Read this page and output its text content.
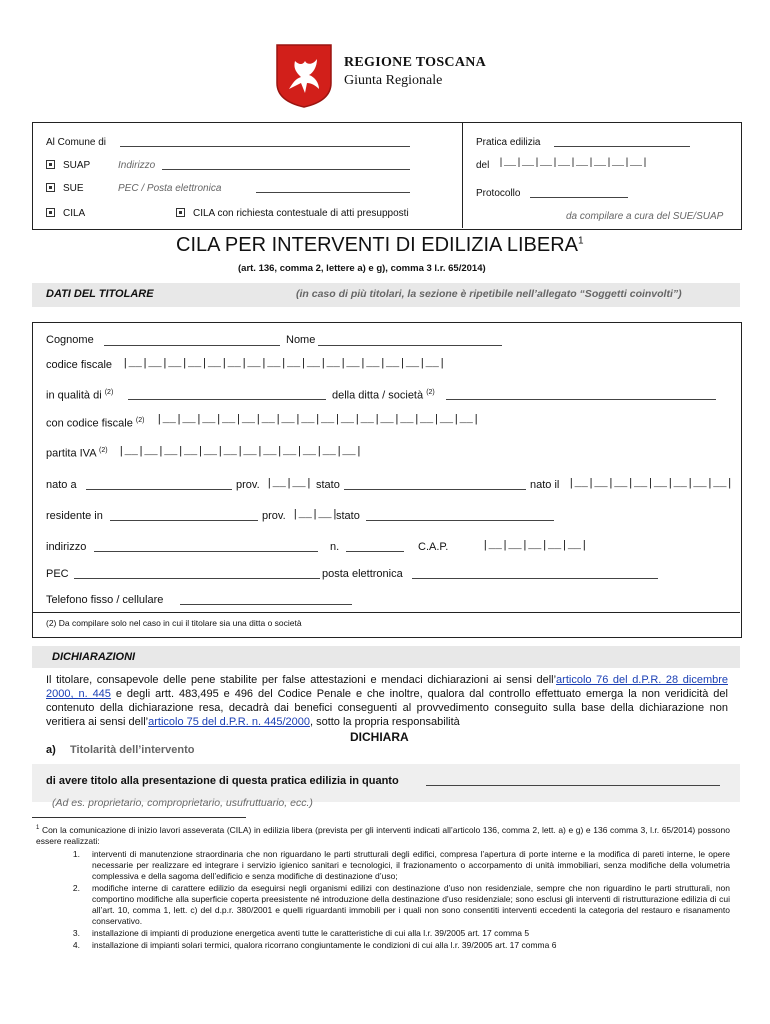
REGIONE TOSCANA
Giunta Regionale
Al Comune di
SUAP	Indirizzo
SUE	PEC / Posta elettronica
CILA	CILA con richiesta contestuale di atti presupposti
Pratica edilizia
del |__|__|__|__|__|__|__|__|
Protocollo
da compilare a cura del SUE/SUAP
CILA PER INTERVENTI DI EDILIZIA LIBERA$^1$
(art. 136, comma 2, lettere a) e g), comma 3 l.r. 65/2014)
DATI DEL TITOLARE	(in caso di più titolari, la sezione è ripetibile nell’allegato “Soggetti coinvolti”)
Cognome	Nome
codice fiscale |__|__|__|__|__|__|__|__|__|__|__|__|__|__|__|__|
in qualità di $^{(2)}$	della ditta / società $^{(2)}$
con codice fiscale $^{(2)}$ |__|__|__|__|__|__|__|__|__|__|__|__|__|__|__|__|
partita IVA $^{(2)}$ |__|__|__|__|__|__|__|__|__|__|__|__|
nato a	prov. |__|__| stato	nato il |__|__|__|__|__|__|__|__|
residente in	prov. |__|__|
stato
indirizzo	n.	C.A.P.	|__|__|__|__|__|
PEC	posta elettronica
Telefono fisso / cellulare
(2) Da compilare solo nel caso in cui il titolare sia una ditta o società
DICHIARAZIONI
Il titolare, consapevole delle pene stabilite per false attestazioni e mendaci dichiarazioni ai sensi dell’articolo 76 del d.P.R. 28 dicembre 2000, n. 445 e degli artt. 483,495 e 496 del Codice Penale e che inoltre, qualora dal controllo effettuato emerga la non veridicità del contenuto della dichiarazione resa, decadrà dai benefici conseguenti al provvedimento conseguito sulla base della dichiarazione non veritiera ai sensi dell’articolo 75 del d.P.R. n. 445/2000, sotto la propria responsabilità
DICHIARA
a) Titolarità dell’intervento
di avere titolo alla presentazione di questa pratica edilizia in quanto
(Ad es. proprietario, comproprietario, usufruttuario, ecc.)
$^1$ Con la comunicazione di inizio lavori asseverata (CILA) in edilizia libera (prevista per gli interventi indicati all’articolo 136, comma 2, lett. a) e g) e 136 comma 3, l.r. 65/2014) possono essere realizzati:
1.	interventi di manutenzione straordinaria che non riguardano le parti strutturali degli edifici, compresa l’apertura di porte interne e la modifica di pareti interne, le opere necessarie per realizzare ed integrare i servizio igienico sanitari e tecnologici, il frazionamento o accorpamento di unità immobiliari, senza modifiche della volumetria complessiva e della sagoma dell’edificio e senza modifiche di destinazione d’uso;
2.	modifiche interne di carattere edilizio da eseguirsi negli organismi edilizi con destinazione d’uso non residenziale, sempre che non riguardino le parti strutturali, non comportino modifiche alla superficie coperta preesistente né introduzione della destinazione d’uso residenziale; sono esclusi gli interventi di ristrutturazione edilizia di cui all’art. 10, comma 1, lett. c) del d.p.r. 380/2001 e quelli riguardanti immobili per i quali non sono consentiti interventi eccedenti la categoria del restauro e risanamento conservativo.
3.	installazione di impianti di produzione energetica aventi tutte le caratteristiche di cui alla l.r. 39/2005 art. 17 comma 5
4.	installazione di impianti solari termici, qualora ricorrano congiuntamente le condizioni di cui alla l.r. 39/2005 art. 17 comma 6
